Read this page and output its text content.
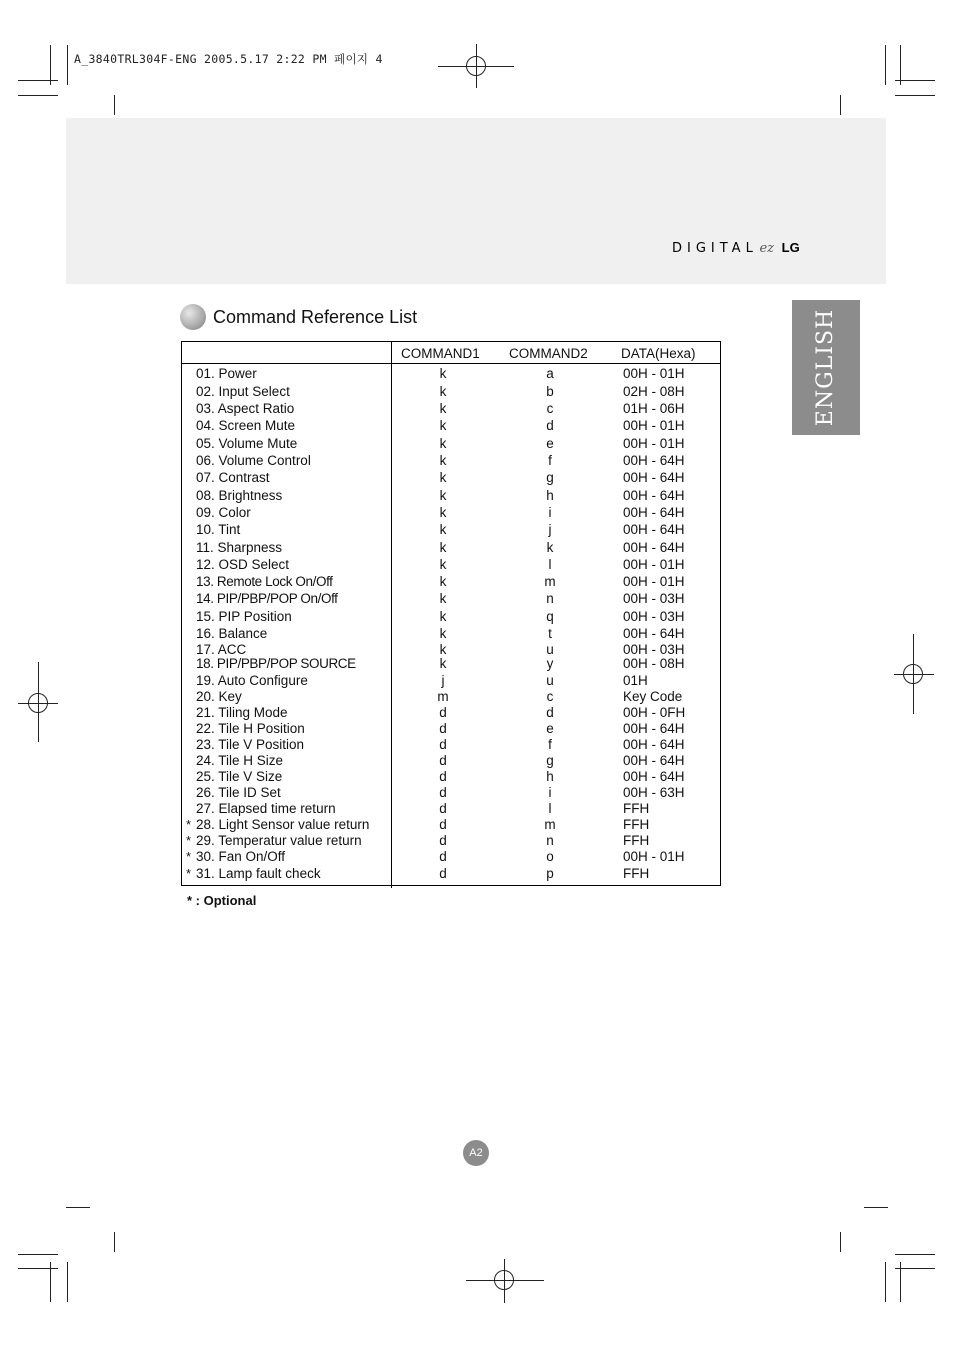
A_3840TRL304F-ENG 2005.5.17 2:22 PM 페이지 4
DIGITAL ez LG
ENGLISH
Command Reference List
COMMAND1 COMMAND2 DATA(Hexa)
01. Power	k	a	00H - 01H
02. Input Select	k	b	02H - 08H
03. Aspect Ratio	k	c	01H - 06H
04. Screen Mute	k	d	00H - 01H
05. Volume Mute	k	e	00H - 01H
06. Volume Control	k	f	00H - 64H
07. Contrast	k	g	00H - 64H
08. Brightness	k	h	00H - 64H
09. Color	k	i	00H - 64H
10. Tint	k	j	00H - 64H
11. Sharpness	k	k	00H - 64H
12. OSD Select	k	l	00H - 01H
13. Remote Lock On/Off	k	m	00H - 01H
14. PIP/PBP/POP On/Off	k	n	00H - 03H
15. PIP Position	k	q	00H - 03H
16. Balance	k	t	00H - 64H
17. ACC	k	u	00H - 03H
18. PIP/PBP/POP SOURCE	k	y	00H - 08H
19. Auto Configure	j	u	01H
20. Key	m	c	Key Code
21. Tiling Mode	d	d	00H - 0FH
22. Tile H Position	d	e	00H - 64H
23. Tile V Position	d	f	00H - 64H
24. Tile H Size	d	g	00H - 64H
25. Tile V Size	d	h	00H - 64H
26. Tile ID Set	d	i	00H - 63H
27. Elapsed time return	d	l	FFH
* 28. Light Sensor value return	d	m	FFH
* 29. Temperatur value return	d	n	FFH
* 30. Fan On/Off	d	o	00H - 01H
* 31. Lamp fault check	d	p	FFH
* : Optional
A2
